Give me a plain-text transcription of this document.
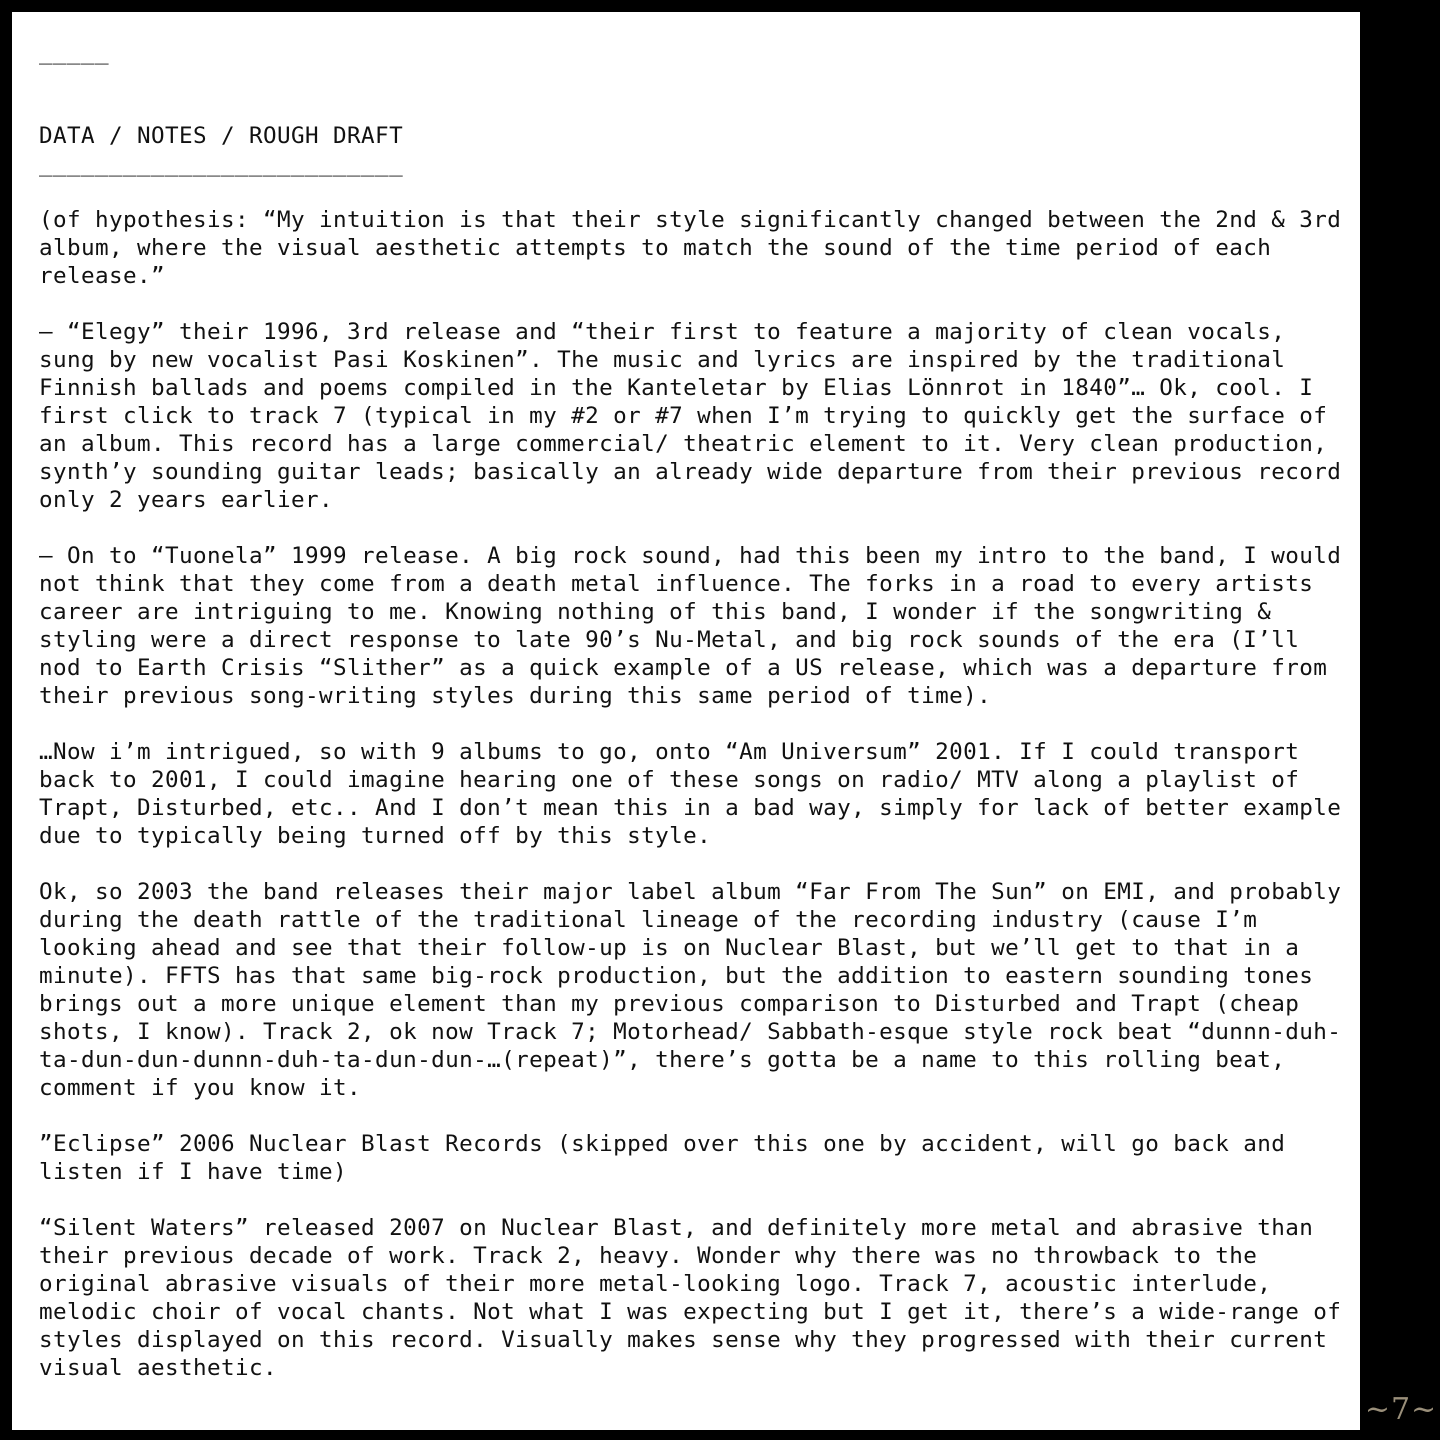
_____
DATA / NOTES / ROUGH DRAFT
__________________________

(of hypothesis: “My intuition is that their style significantly changed between the 2nd & 3rd album, where the visual aesthetic attempts to match the sound of the time period of each release.”

– “Elegy” their 1996, 3rd release and “their first to feature a majority of clean vocals, sung by new vocalist Pasi Koskinen”. The music and lyrics are inspired by the traditional Finnish ballads and poems compiled in the Kanteletar by Elias Lönnrot in 1840”… Ok, cool. I first click to track 7 (typical in my #2 or #7 when I’m trying to quickly get the surface of an album. This record has a large commercial/ theatric element to it. Very clean production, synth’y sounding guitar leads; basically an already wide departure from their previous record only 2 years earlier.

– On to “Tuonela” 1999 release. A big rock sound, had this been my intro to the band, I would not think that they come from a death metal influence. The forks in a road to every artists career are intriguing to me. Knowing nothing of this band, I wonder if the songwriting & styling were a direct response to late 90’s Nu-Metal, and big rock sounds of the era (I’ll nod to Earth Crisis “Slither” as a quick example of a US release, which was a departure from their previous song-writing styles during this same period of time).

…Now i’m intrigued, so with 9 albums to go, onto “Am Universum” 2001. If I could transport back to 2001, I could imagine hearing one of these songs on radio/ MTV along a playlist of Trapt, Disturbed, etc.. And I don’t mean this in a bad way, simply for lack of better example due to typically being turned off by this style.

Ok, so 2003 the band releases their major label album “Far From The Sun” on EMI, and probably during the death rattle of the traditional lineage of the recording industry (cause I’m looking ahead and see that their follow-up is on Nuclear Blast, but we’ll get to that in a minute). FFTS has that same big-rock production, but the addition to eastern sounding tones brings out a more unique element than my previous comparison to Disturbed and Trapt (cheap shots, I know). Track 2, ok now Track 7; Motorhead/ Sabbath-esque style rock beat “dunnn-duh-ta-dun-dun-dunnn-duh-ta-dun-dun-…(repeat)”, there’s gotta be a name to this rolling beat, comment if you know it.

”Eclipse” 2006 Nuclear Blast Records (skipped over this one by accident, will go back and listen if I have time)

“Silent Waters” released 2007 on Nuclear Blast, and definitely more metal and abrasive than their previous decade of work. Track 2, heavy. Wonder why there was no throwback to the original abrasive visuals of their more metal-looking logo. Track 7, acoustic interlude, melodic choir of vocal chants. Not what I was expecting but I get it, there’s a wide-range of styles displayed on this record. Visually makes sense why they progressed with their current visual aesthetic.

~7~
